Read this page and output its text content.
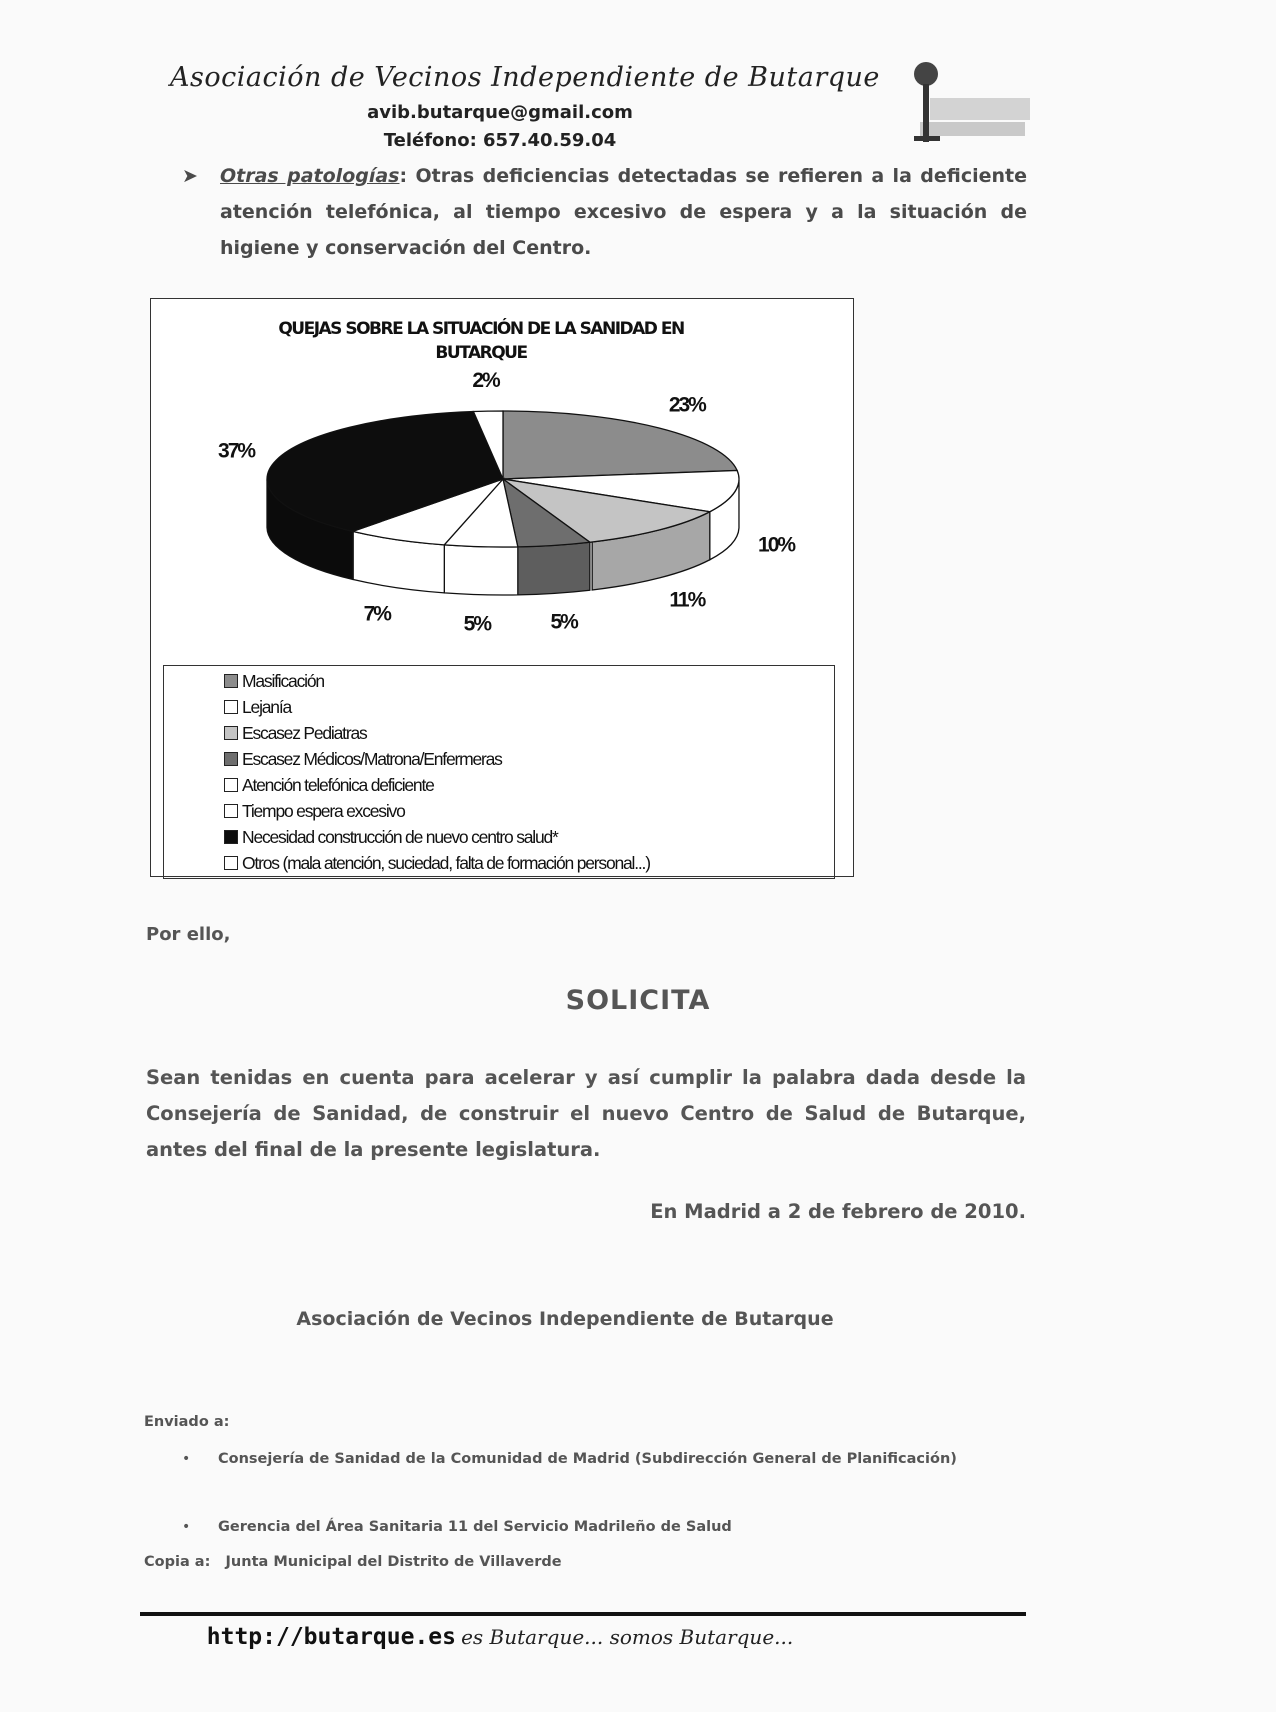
Asociación de Vecinos Independiente de Butarque
avib.butarque@gmail.com
Teléfono: 657.40.59.04
➤ Otras patologías: Otras deficiencias detectadas se refieren a la deficiente atención telefónica, al tiempo excesivo de espera y a la situación de higiene y conservación del Centro.
QUEJAS SOBRE LA SITUACIÓN DE LA SANIDAD EN
BUTARQUE
23%
10%
11%
5%
5%
7%
37%
2%
Masificación
Lejanía
Escasez Pediatras
Escasez Médicos/Matrona/Enfermeras
Atención telefónica deficiente
Tiempo espera excesivo
Necesidad construcción de nuevo centro salud*
Otros (mala atención, suciedad, falta de formación personal...)
Por ello,
SOLICITA
Sean tenidas en cuenta para acelerar y así cumplir la palabra dada desde la Consejería de Sanidad, de construir el nuevo Centro de Salud de Butarque, antes del final de la presente legislatura.
En Madrid a 2 de febrero de 2010.
Asociación de Vecinos Independiente de Butarque
Enviado a:
• Consejería de Sanidad de la Comunidad de Madrid (Subdirección General de Planificación)
• Gerencia del Área Sanitaria 11 del Servicio Madrileño de Salud
Copia a: Junta Municipal del Distrito de Villaverde
http://butarque.es es Butarque... somos Butarque...
